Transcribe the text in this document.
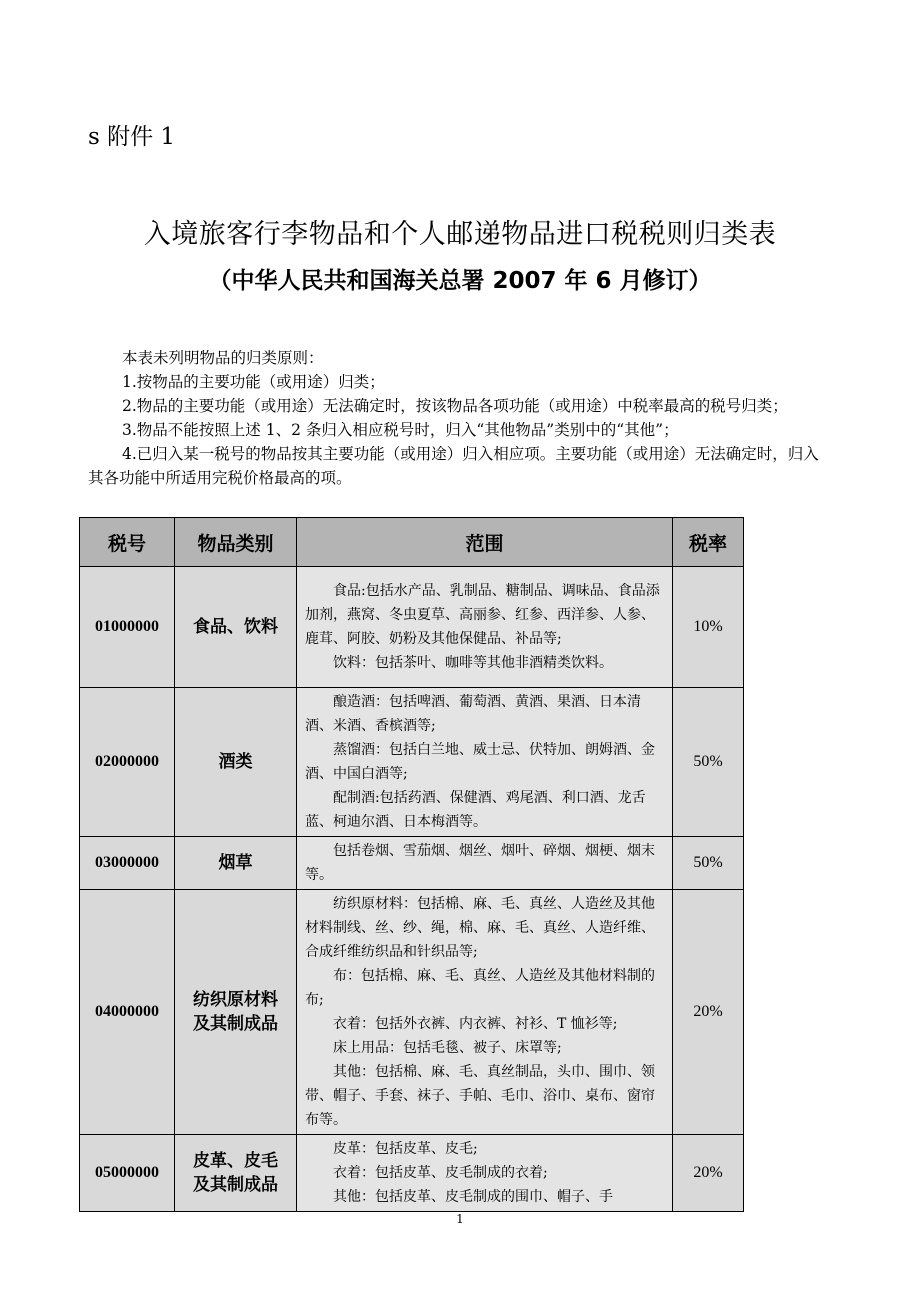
s 附件 1
入境旅客行李物品和个人邮递物品进口税税则归类表
（中华人民共和国海关总署 2007 年 6 月修订）

本表未列明物品的归类原则：

1.按物品的主要功能（或用途）归类；

2.物品的主要功能（或用途）无法确定时，按该物品各项功能（或用途）中税率最高的税号归类；

3.物品不能按照上述 1、2 条归入相应税号时，归入“其他物品”类别中的“其他”；

4.已归入某一税号的物品按其主要功能（或用途）归入相应项。主要功能（或用途）无法确定时，归入其各功能中所适用完税价格最高的项。

税号	物品类别	范围	税率
01000000	食品、饮料	食品:包括水产品、乳制品、糖制品、调味品、食品添加剂，燕窝、冬虫夏草、高丽参、红参、西洋参、人参、鹿茸、阿胶、奶粉及其他保健品、补品等;

饮料：包括茶叶、咖啡等其他非酒精类饮料。	10%
02000000	酒类	酿造酒：包括啤酒、葡萄酒、黄酒、果酒、日本清酒、米酒、香槟酒等;

蒸馏酒：包括白兰地、威士忌、伏特加、朗姆酒、金酒、中国白酒等;

配制酒:包括药酒、保健酒、鸡尾酒、利口酒、龙舌蓝、柯迪尔酒、日本梅酒等。	50%
03000000	烟草	包括卷烟、雪茄烟、烟丝、烟叶、碎烟、烟梗、烟末等。	50%
04000000	纺织原材料及其制成品	纺织原材料：包括棉、麻、毛、真丝、人造丝及其他材料制线、丝、纱、绳，棉、麻、毛、真丝、人造纤维、合成纤维纺织品和针织品等;

布：包括棉、麻、毛、真丝、人造丝及其他材料制的布;

衣着：包括外衣裤、内衣裤、衬衫、T 恤衫等;

床上用品：包括毛毯、被子、床罩等;

其他：包括棉、麻、毛、真丝制品，头巾、围巾、领带、帽子、手套、袜子、手帕、毛巾、浴巾、桌布、窗帘布等。	20%
05000000	皮革、皮毛及其制成品	皮革：包括皮革、皮毛;

衣着：包括皮革、皮毛制成的衣着;

其他：包括皮革、皮毛制成的围巾、帽子、手	20%
1
